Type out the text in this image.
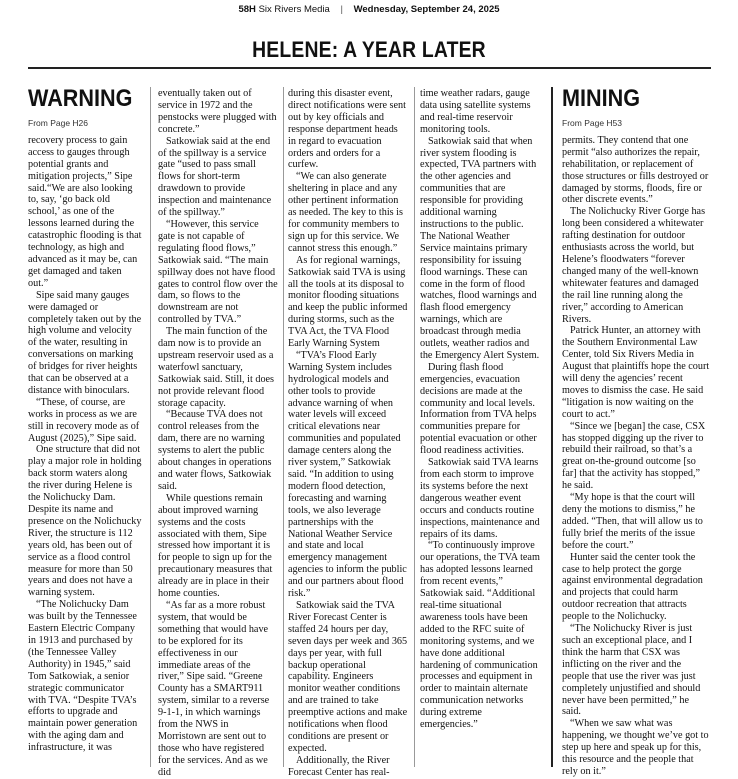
58H Six Rivers Media | Wednesday, September 24, 2025
HELENE: A YEAR LATER
WARNING
From Page H26

recovery process to gain access to gauges through potential grants and mitigation projects,” Sipe said.“We are also looking to, say, ‘go back old school,’ as one of the lessons learned during the catastrophic flooding is that technology, as high and advanced as it may be, can get damaged and taken out.”

Sipe said many gauges were damaged or completely taken out by the high volume and velocity of the water, resulting in conversations on marking of bridges for river heights that can be observed at a distance with binoculars.

“These, of course, are works in process as we are still in recovery mode as of August (2025),” Sipe said.

One structure that did not play a major role in holding back storm waters along the river during Helene is the Nolichucky Dam. Despite its name and presence on the Nolichucky River, the structure is 112 years old, has been out of service as a flood control measure for more than 50 years and does not have a warning system.

“The Nolichucky Dam was built by the Tennessee Eastern Electric Company in 1913 and purchased by (the Tennessee Valley Authority) in 1945,” said Tom Satkowiak, a senior strategic communicator with TVA. “Despite TVA’s efforts to upgrade and maintain power generation with the aging dam and infrastructure, it was

eventually taken out of service in 1972 and the penstocks were plugged with concrete.”

Satkowiak said at the end of the spillway is a service gate “used to pass small flows for short-term drawdown to provide inspection and maintenance of the spillway.”

“However, this service gate is not capable of regulating flood flows,” Satkowiak said. “The main spillway does not have flood gates to control flow over the dam, so flows to the downstream are not controlled by TVA.”

The main function of the dam now is to provide an upstream reservoir used as a waterfowl sanctuary, Satkowiak said. Still, it does not provide relevant flood storage capacity.

“Because TVA does not control releases from the dam, there are no warning systems to alert the public about changes in operations and water flows, Satkowiak said.

While questions remain about improved warning systems and the costs associated with them, Sipe stressed how important it is for people to sign up for the precautionary measures that already are in place in their home counties.

“As far as a more robust system, that would be something that would have to be explored for its effectiveness in our immediate areas of the river,” Sipe said. “Greene County has a SMART911 system, similar to a reverse 9-1-1, in which warnings from the NWS in Morristown are sent out to those who have registered for the services. And as we did

during this disaster event, direct notifications were sent out by key officials and response department heads in regard to evacuation orders and orders for a curfew.

“We can also generate sheltering in place and any other pertinent information as needed. The key to this is for community members to sign up for this service. We cannot stress this enough.”

As for regional warnings, Satkowiak said TVA is using all the tools at its disposal to monitor flooding situations and keep the public informed during storms, such as the TVA Act, the TVA Flood Early Warning System

“TVA’s Flood Early Warning System includes hydrological models and other tools to provide advance warning of when water levels will exceed critical elevations near communities and populated damage centers along the river system,” Satkowiak said. “In addition to using modern flood detection, forecasting and warning tools, we also leverage partnerships with the National Weather Service and state and local emergency management agencies to inform the public and our partners about flood risk.”

Satkowiak said the TVA River Forecast Center is staffed 24 hours per day, seven days per week and 365 days per year, with full backup operational capability. Engineers monitor weather conditions and are trained to take preemptive actions and make notifications when flood conditions are present or expected.

Additionally, the River Forecast Center has real-

time weather radars, gauge data using satellite systems and real-time reservoir monitoring tools.

Satkowiak said that when river system flooding is expected, TVA partners with the other agencies and communities that are responsible for providing additional warning instructions to the public. The National Weather Service maintains primary responsibility for issuing flood warnings. These can come in the form of flood watches, flood warnings and flash flood emergency warnings, which are broadcast through media outlets, weather radios and the Emergency Alert System.

During flash flood emergencies, evacuation decisions are made at the community and local levels. Information from TVA helps communities prepare for potential evacuation or other flood readiness activities.

Satkowiak said TVA learns from each storm to improve its systems before the next dangerous weather event occurs and conducts routine inspections, maintenance and repairs of its dams.

“To continuously improve our operations, the TVA team has adopted lessons learned from recent events,” Satkowiak said. “Additional real-time situational awareness tools have been added to the RFC suite of monitoring systems, and we have done additional hardening of communication processes and equipment in order to maintain alternate communication networks during extreme emergencies.”

MINING
From Page H53

permits. They contend that one permit “also authorizes the repair, rehabilitation, or replacement of those structures or fills destroyed or damaged by storms, floods, fire or other discrete events.”

The Nolichucky River Gorge has long been considered a whitewater rafting destination for outdoor enthusiasts across the world, but Helene’s floodwaters “forever changed many of the well-known whitewater features and damaged the rail line running along the river,” according to American Rivers.

Patrick Hunter, an attorney with the Southern Environmental Law Center, told Six Rivers Media in August that plaintiffs hope the court will deny the agencies’ recent moves to dismiss the case. He said “litigation is now waiting on the court to act.”

“Since we [began] the case, CSX has stopped digging up the river to rebuild their railroad, so that’s a great on-the-ground outcome [so far] that the activity has stopped,” he said.

“My hope is that the court will deny the motions to dismiss,” he added. “Then, that will allow us to fully brief the merits of the issue before the court.”

Hunter said the center took the case to help protect the gorge against environmental degradation and projects that could harm outdoor recreation that attracts people to the Nolichucky.

“The Nolichucky River is just such an exceptional place, and I think the harm that CSX was inflicting on the river and the people that use the river was just completely unjustified and should never have been permitted,” he said.

“When we saw what was happening, we thought we’ve got to step up here and speak up for this, this resource and the people that rely on it.”
